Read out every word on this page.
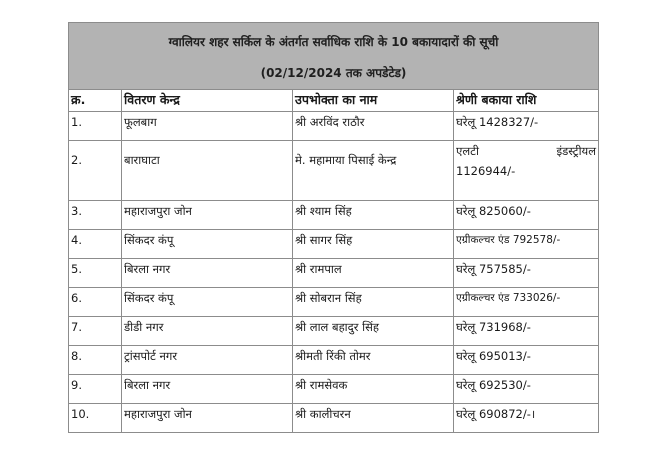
ग्वालियर शहर सर्किल के अंतर्गत सर्वाधिक राशि के 10 बकायादारों की सूची
(02/12/2024 तक अपडेटेड)			

क्र.	वितरण केन्द्र	उपभोक्ता का नाम	श्रेणी बकाया राशि
1.	फूलबाग	श्री अरविंद राठौर	घरेलू 1428327/-
2.	बाराघाटा	मे. महामाया पिसाई केन्द्र	एलटी इंडस्ट्रीयल
1126944/-

3.	महाराजपुरा जोन	श्री श्याम सिंह	घरेलू 825060/-
4.	सिंकदर कंपू	श्री सागर सिंह	एग्रीकल्चर एंड 792578/-
5.	बिरला नगर	श्री रामपाल	घरेलू 757585/-
6.	सिंकदर कंपू	श्री सोबरान सिंह	एग्रीकल्चर एंड 733026/-
7.	डीडी नगर	श्री लाल बहादुर सिंह	घरेलू 731968/-
8.	ट्रांसपोर्ट नगर	श्रीमती रिंकी तोमर	घरेलू 695013/-
9.	बिरला नगर	श्री रामसेवक	घरेलू 692530/-
10.	महाराजपुरा जोन	श्री कालीचरन	घरेलू 690872/-।
